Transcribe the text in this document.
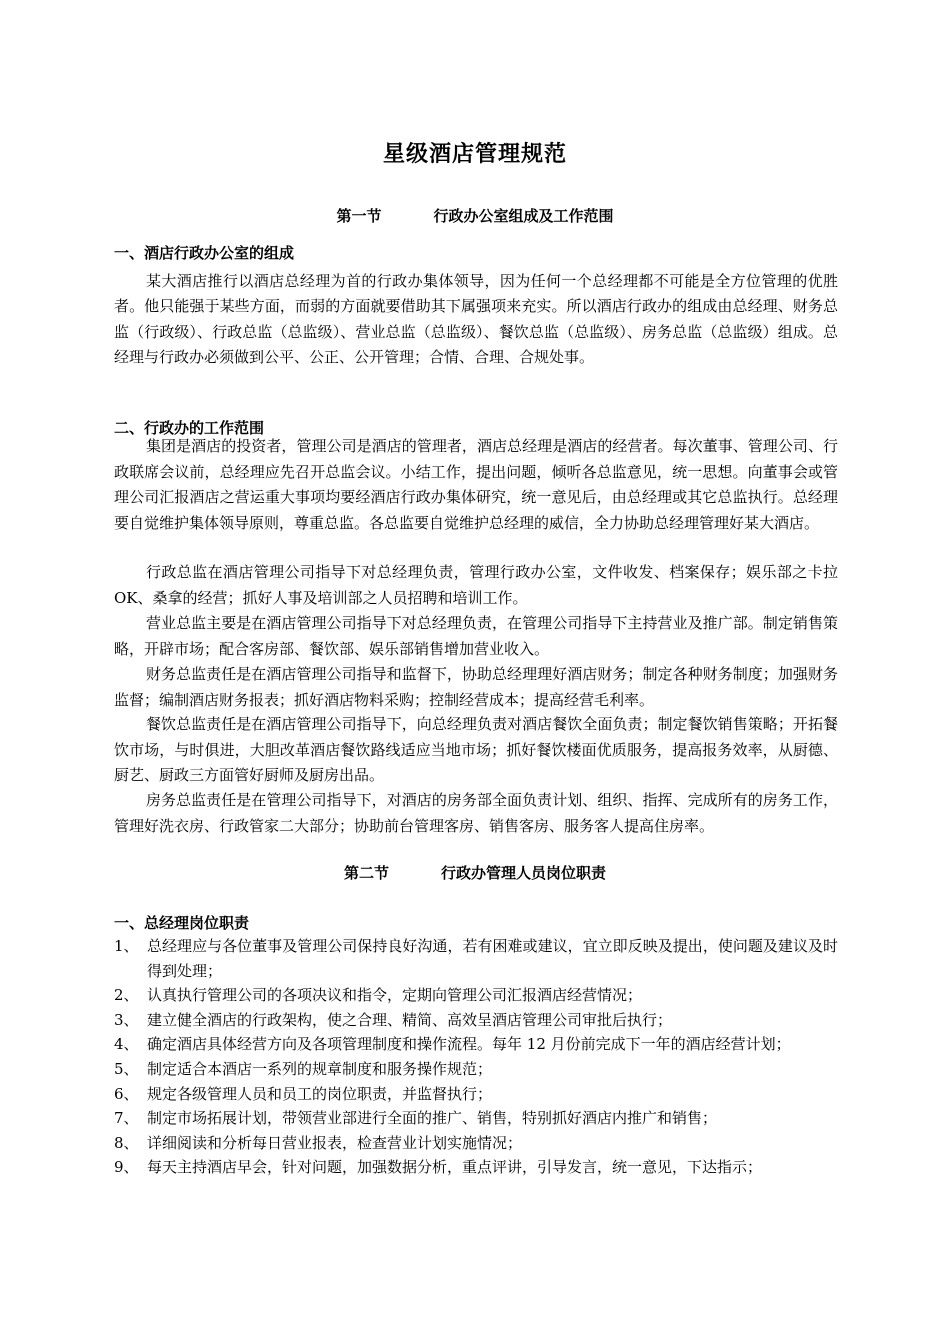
星级酒店管理规范
第一节	行政办公室组成及工作范围
一、酒店行政办公室的组成

某大酒店推行以酒店总经理为首的行政办集体领导，因为任何一个总经理都不可能是全方位管理的优胜者。他只能强于某些方面，而弱的方面就要借助其下属强项来充实。所以酒店行政办的组成由总经理、财务总监（行政级）、行政总监（总监级）、营业总监（总监级）、餐饮总监（总监级）、房务总监（总监级）组成。总经理与行政办必须做到公平、公正、公开管理；合情、合理、合规处事。

二、行政办的工作范围

集团是酒店的投资者，管理公司是酒店的管理者，酒店总经理是酒店的经营者。每次董事、管理公司、行政联席会议前，总经理应先召开总监会议。小结工作，提出问题，倾听各总监意见，统一思想。向董事会或管理公司汇报酒店之营运重大事项均要经酒店行政办集体研究，统一意见后，由总经理或其它总监执行。总经理要自觉维护集体领导原则，尊重总监。各总监要自觉维护总经理的威信，全力协助总经理管理好某大酒店。

行政总监在酒店管理公司指导下对总经理负责，管理行政办公室，文件收发、档案保存；娱乐部之卡拉OK、桑拿的经营；抓好人事及培训部之人员招聘和培训工作。

营业总监主要是在酒店管理公司指导下对总经理负责，在管理公司指导下主持营业及推广部。制定销售策略，开辟市场；配合客房部、餐饮部、娱乐部销售增加营业收入。

财务总监责任是在酒店管理公司指导和监督下，协助总经理理好酒店财务；制定各种财务制度；加强财务监督；编制酒店财务报表；抓好酒店物料采购；控制经营成本；提高经营毛利率。

餐饮总监责任是在酒店管理公司指导下，向总经理负责对酒店餐饮全面负责；制定餐饮销售策略；开拓餐饮市场，与时俱进，大胆改革酒店餐饮路线适应当地市场；抓好餐饮楼面优质服务，提高报务效率，从厨德、厨艺、厨政三方面管好厨师及厨房出品。

房务总监责任是在管理公司指导下，对酒店的房务部全面负责计划、组织、指挥、完成所有的房务工作，管理好洗衣房、行政管家二大部分；协助前台管理客房、销售客房、服务客人提高住房率。

第二节	行政办管理人员岗位职责
一、总经理岗位职责
1、 总经理应与各位董事及管理公司保持良好沟通，若有困难或建议，宜立即反映及提出，使问题及建议及时得到处理；
2、 认真执行管理公司的各项决议和指令，定期向管理公司汇报酒店经营情况；
3、 建立健全酒店的行政架构，使之合理、精简、高效呈酒店管理公司审批后执行；
4、 确定酒店具体经营方向及各项管理制度和操作流程。每年 12 月份前完成下一年的酒店经营计划；
5、 制定适合本酒店一系列的规章制度和服务操作规范；
6、 规定各级管理人员和员工的岗位职责，并监督执行；
7、 制定市场拓展计划，带领营业部进行全面的推广、销售，特别抓好酒店内推广和销售；
8、 详细阅读和分析每日营业报表，检查营业计划实施情况；
9、 每天主持酒店早会，针对问题，加强数据分析，重点评讲，引导发言，统一意见，下达指示；
